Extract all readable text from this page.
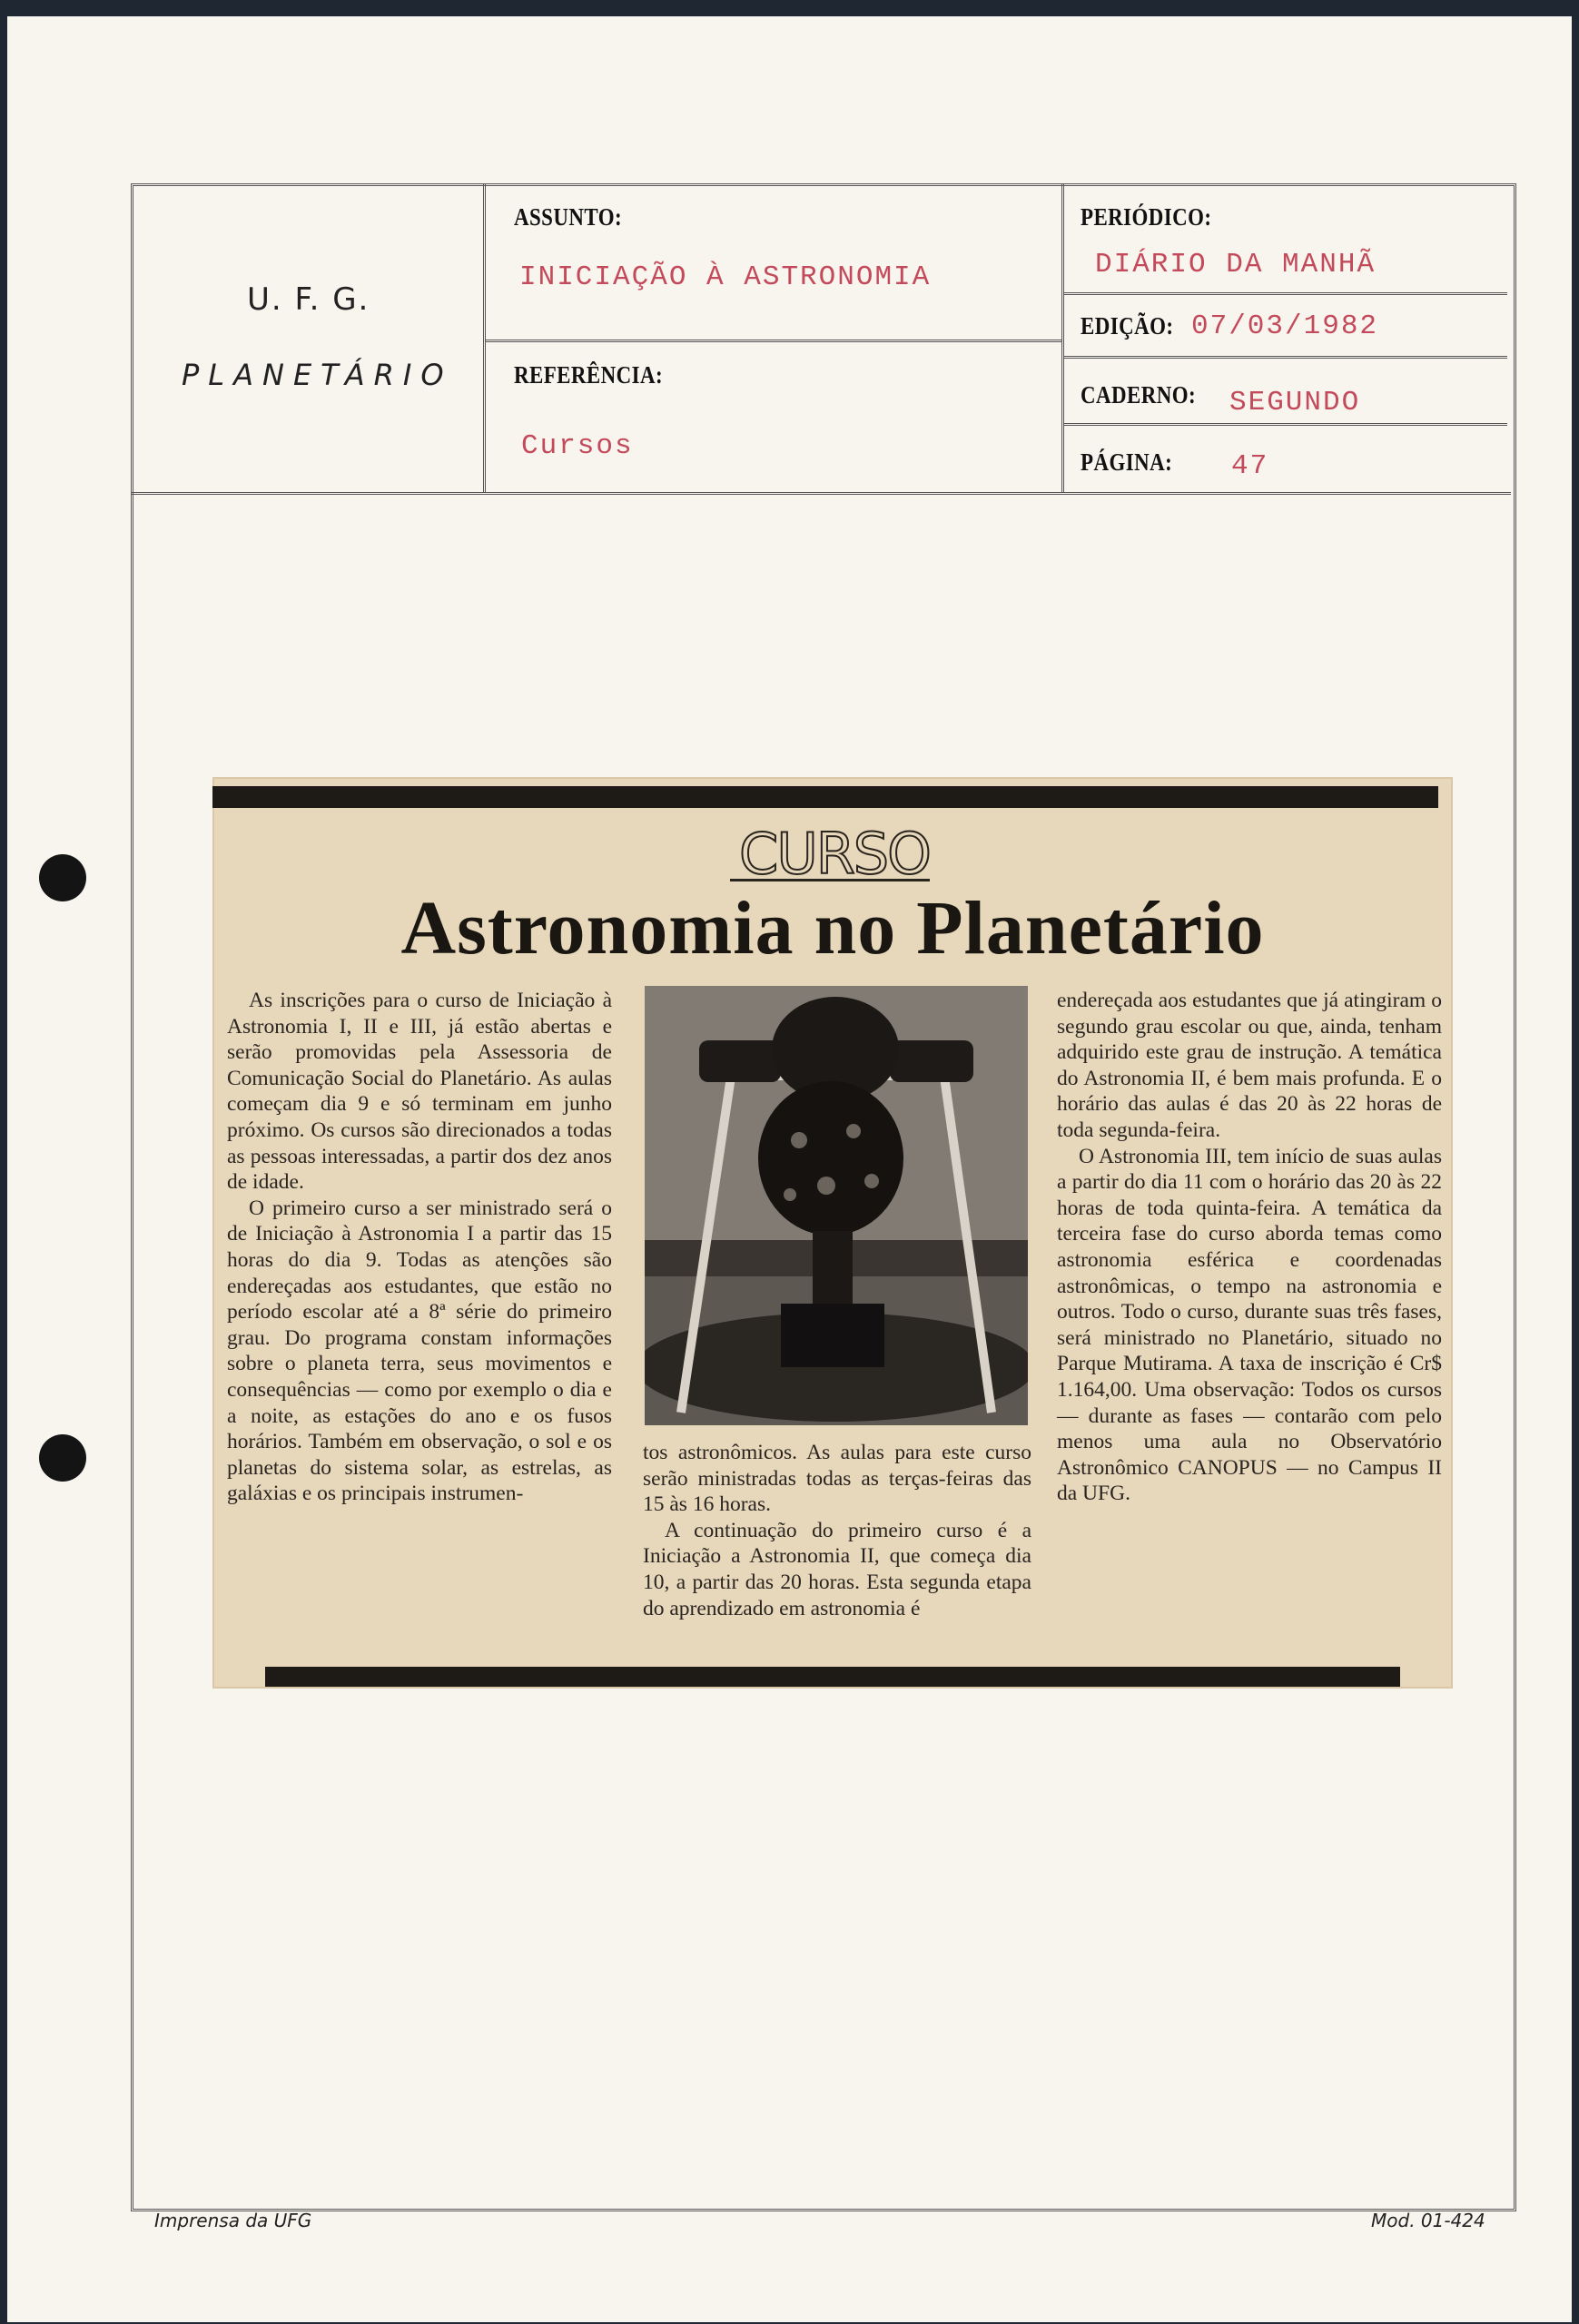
U. F. G.
PLANETÁRIO
ASSUNTO:
INICIAÇÃO À ASTRONOMIA
REFERÊNCIA:
Cursos
PERIÓDICO:
DIÁRIO DA MANHÃ
EDIÇÃO: 07/03/1982
CADERNO: SEGUNDO
PÁGINA: 47
CURSO
Astronomia no Planetário

As inscrições para o curso de Iniciação à Astronomia I, II e III, já estão abertas e serão promovidas pela Assessoria de Comunicação Social do Planetário. As aulas começam dia 9 e só terminam em junho próximo. Os cursos são direcionados a todas as pessoas interessadas, a partir dos dez anos de idade.

O primeiro curso a ser ministrado será o de Iniciação à Astronomia I a partir das 15 horas do dia 9. Todas as atenções são endereçadas aos estudantes, que estão no período escolar até a 8ª série do primeiro grau. Do programa constam informações sobre o planeta terra, seus movimentos e consequências — como por exemplo o dia e a noite, as estações do ano e os fusos horários. Também em observação, o sol e os planetas do sistema solar, as estrelas, as galáxias e os principais instrumen-

tos astronômicos. As aulas para este curso serão ministradas todas as terças-feiras das 15 às 16 horas.

A continuação do primeiro curso é a Iniciação a Astronomia II, que começa dia 10, a partir das 20 horas. Esta segunda etapa do aprendizado em astronomia é

endereçada aos estudantes que já atingiram o segundo grau escolar ou que, ainda, tenham adquirido este grau de instrução. A temática do Astronomia II, é bem mais profunda. E o horário das aulas é das 20 às 22 horas de toda segunda-feira.

O Astronomia III, tem início de suas aulas a partir do dia 11 com o horário das 20 às 22 horas de toda quinta-feira. A temática da terceira fase do curso aborda temas como astronomia esférica e coordenadas astronômicas, o tempo na astronomia e outros. Todo o curso, durante suas três fases, será ministrado no Planetário, situado no Parque Mutirama. A taxa de inscrição é Cr$ 1.164,00. Uma observação: Todos os cursos — durante as fases — contarão com pelo menos uma aula no Observatório Astronômico CANOPUS — no Campus II da UFG.

Imprensa da UFG	Mod. 01-424
